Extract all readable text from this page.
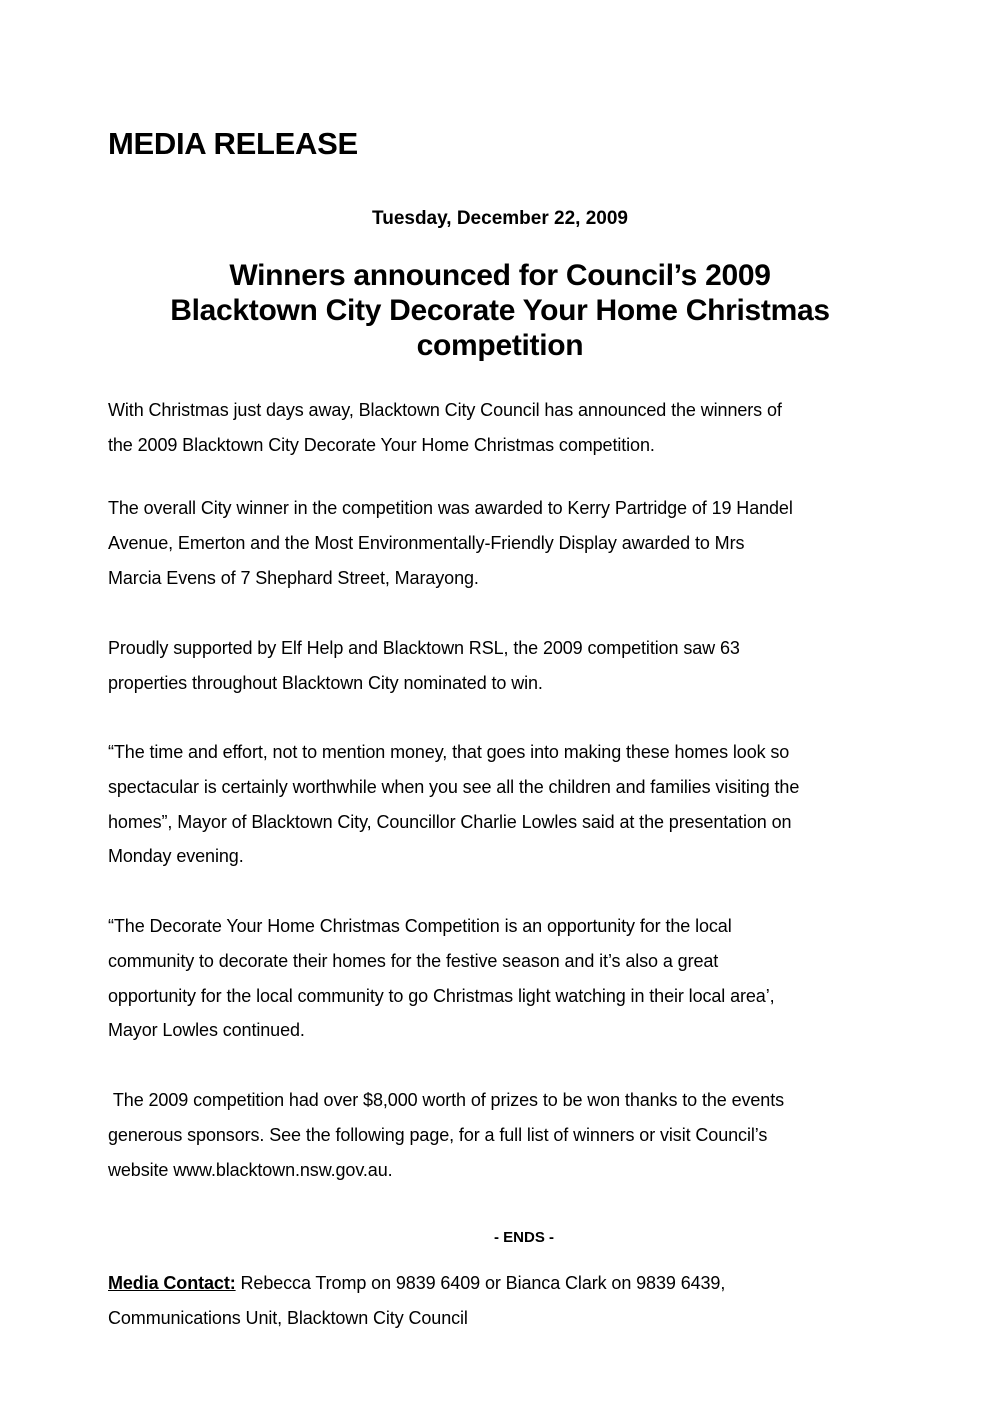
MEDIA RELEASE
Tuesday, December 22, 2009
Winners announced for Council’s 2009
Blacktown City Decorate Your Home Christmas
competition

With Christmas just days away, Blacktown City Council has announced the winners of
the 2009 Blacktown City Decorate Your Home Christmas competition.

The overall City winner in the competition was awarded to Kerry Partridge of 19 Handel
Avenue, Emerton and the Most Environmentally-Friendly Display awarded to Mrs
Marcia Evens of 7 Shephard Street, Marayong.

Proudly supported by Elf Help and Blacktown RSL, the 2009 competition saw 63
properties throughout Blacktown City nominated to win.

“The time and effort, not to mention money, that goes into making these homes look so
spectacular is certainly worthwhile when you see all the children and families visiting the
homes”, Mayor of Blacktown City, Councillor Charlie Lowles said at the presentation on
Monday evening.

“The Decorate Your Home Christmas Competition is an opportunity for the local
community to decorate their homes for the festive season and it’s also a great
opportunity for the local community to go Christmas light watching in their local area’,
Mayor Lowles continued.

The 2009 competition had over $8,000 worth of prizes to be won thanks to the events
generous sponsors. See the following page, for a full list of winners or visit Council’s
website www.blacktown.nsw.gov.au.

- ENDS -
Media Contact: Rebecca Tromp on 9839 6409 or Bianca Clark on 9839 6439,
Communications Unit, Blacktown City Council
